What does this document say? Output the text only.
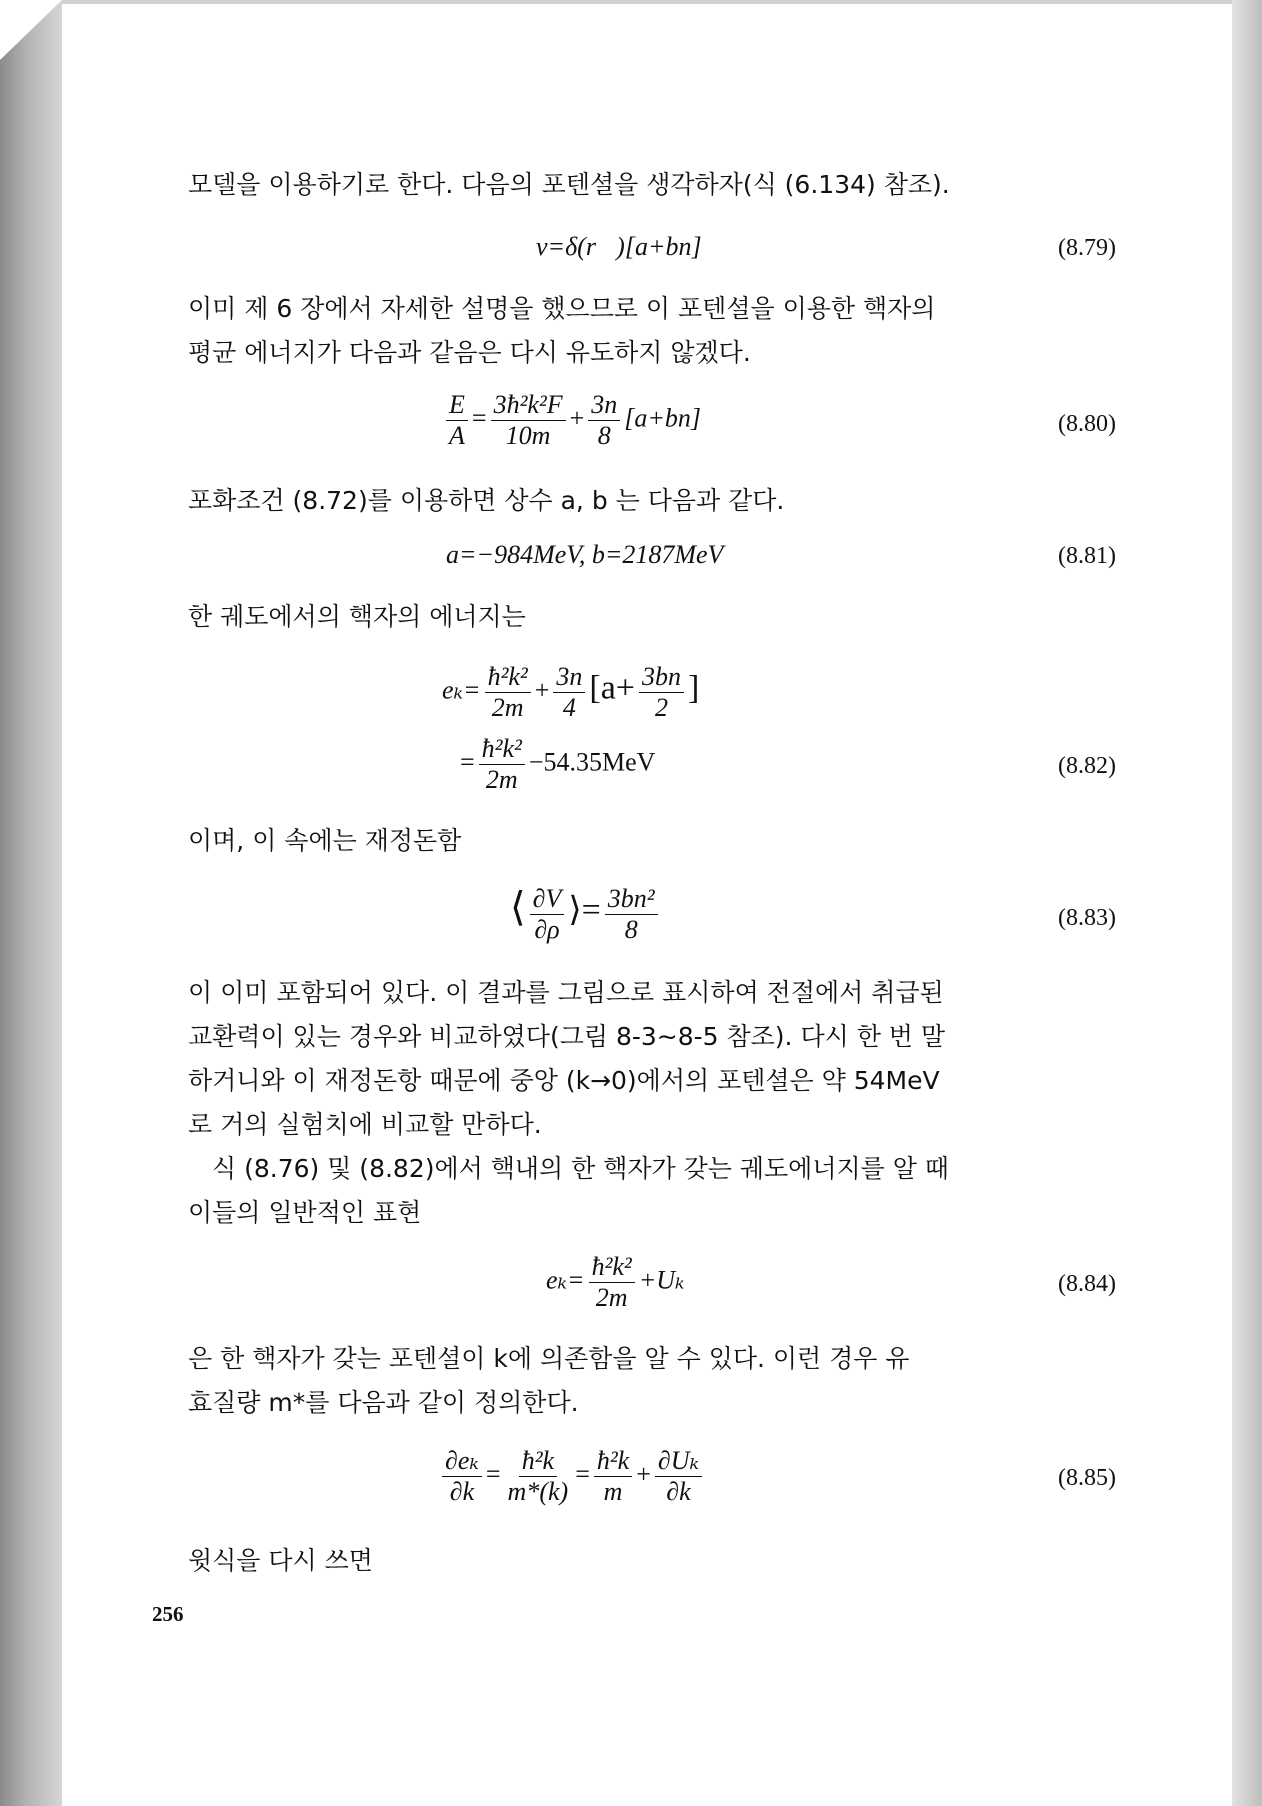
모델을 이용하기로 한다. 다음의 포텐셜을 생각하자(식 (6.134) 참조).

v=δ(r⃗)[a+bn]	(8.79)

이미 제 6 장에서 자세한 설명을 했으므로 이 포텐셜을 이용한 핵자의

평균 에너지가 다음과 같음은 다시 유도하지 않겠다.

$\frac{E}{A} = \frac{\text{3ħ²k²F}}{10m} + \frac{3n}{8} [a+bn]$	(8.80)

포화조건 (8.72)를 이용하면 상수 a, b 는 다음과 같다.

a=−984MeV, b=2187MeV	(8.81)

한 궤도에서의 핵자의 에너지는

$e_k= \frac{\text{ħ²k²}}{2m} + \frac{3n}{4} [a+ \frac{3bn}{2}$ ]
= $\frac{\text{ħ²k²}}{2m} -54.35MeV$	(8.82)

이며, 이 속에는 재정돈함

⟨ $\frac{\partial V}{\partial\rho}$ ⟩= $\frac{\text{3bn²}}{8}$	(8.83)

이 이미 포함되어 있다. 이 결과를 그림으로 표시하여 전절에서 취급된

교환력이 있는 경우와 비교하였다(그림 8-3∼8-5 참조). 다시 한 번 말

하거니와 이 재정돈항 때문에 중앙 (k→0)에서의 포텐셜은 약 54MeV

로 거의 실험치에 비교할 만하다.

식 (8.76) 및 (8.82)에서 핵내의 한 핵자가 갖는 궤도에너지를 알 때

이들의 일반적인 표현

$e_k= \frac{\text{ħ²k²}}{2m} +U_k$	(8.84)

은 한 핵자가 갖는 포텐셜이 k에 의존함을 알 수 있다. 이런 경우 유

효질량 m*를 다음과 같이 정의한다.

$\frac{\text{∂eₖ}}{\partial k} = \frac{\text{ħ²k}}{m*(k)} = \frac{\text{ħ²k}}{m} + \frac{\text{∂Uₖ}}{\partial k}$	(8.85)

윗식을 다시 쓰면

256
